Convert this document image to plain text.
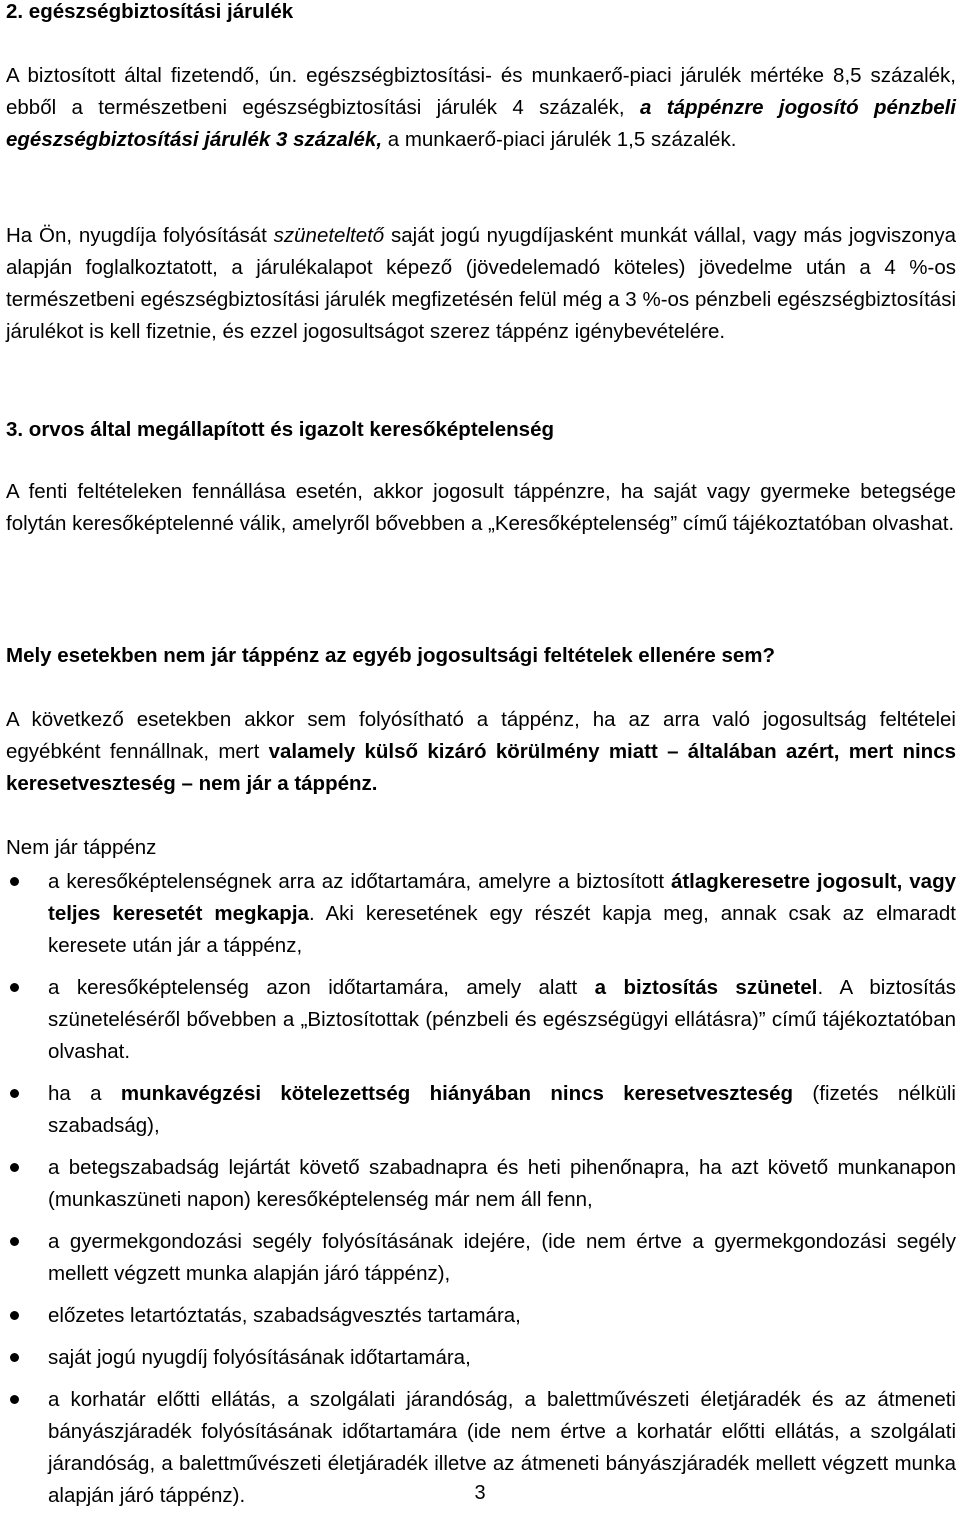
2. egészségbiztosítási járulék
A biztosított által fizetendő, ún. egészségbiztosítási- és munkaerő-piaci járulék mértéke 8,5 százalék, ebből a természetbeni egészségbiztosítási járulék 4 százalék, a táppénzre jogosító pénzbeli egészségbiztosítási járulék 3 százalék, a munkaerő-piaci járulék 1,5 százalék.
Ha Ön, nyugdíja folyósítását szüneteltető saját jogú nyugdíjasként munkát vállal, vagy más jogviszonya alapján foglalkoztatott, a járulékalapot képező (jövedelemadó köteles) jövedelme után a 4 %-os természetbeni egészségbiztosítási járulék megfizetésén felül még a 3 %-os pénzbeli egészségbiztosítási járulékot is kell fizetnie, és ezzel jogosultságot szerez táppénz igénybevételére.
3. orvos által megállapított és igazolt keresőképtelenség
A fenti feltételeken fennállása esetén, akkor jogosult táppénzre, ha saját vagy gyermeke betegsége folytán keresőképtelenné válik, amelyről bővebben a „Keresőképtelenség” című tájékoztatóban olvashat.
Mely esetekben nem jár táppénz az egyéb jogosultsági feltételek ellenére sem?
A következő esetekben akkor sem folyósítható a táppénz, ha az arra való jogosultság feltételei egyébként fennállnak, mert valamely külső kizáró körülmény miatt – általában azért, mert nincs keresetveszteség – nem jár a táppénz.
Nem jár táppénz
a keresőképtelenségnek arra az időtartamára, amelyre a biztosított átlagkeresetre jogosult, vagy teljes keresetét megkapja. Aki keresetének egy részét kapja meg, annak csak az elmaradt keresete után jár a táppénz,
a keresőképtelenség azon időtartamára, amely alatt a biztosítás szünetel. A biztosítás szüneteléséről bővebben a „Biztosítottak (pénzbeli és egészségügyi ellátásra)” című tájékoztatóban olvashat.
ha a munkavégzési kötelezettség hiányában nincs keresetveszteség (fizetés nélküli szabadság),
a betegszabadság lejártát követő szabadnapra és heti pihenőnapra, ha azt követő munkanapon (munkaszüneti napon) keresőképtelenség már nem áll fenn,
a gyermekgondozási segély folyósításának idejére, (ide nem értve a gyermekgondozási segély mellett végzett munka alapján járó táppénz),
előzetes letartóztatás, szabadságvesztés tartamára,
saját jogú nyugdíj folyósításának időtartamára,
a korhatár előtti ellátás, a szolgálati járandóság, a balettművészeti életjáradék és az átmeneti bányászjáradék folyósításának időtartamára (ide nem értve a korhatár előtti ellátás, a szolgálati járandóság, a balettművészeti életjáradék illetve az átmeneti bányászjáradék mellett végzett munka alapján járó táppénz).	3
